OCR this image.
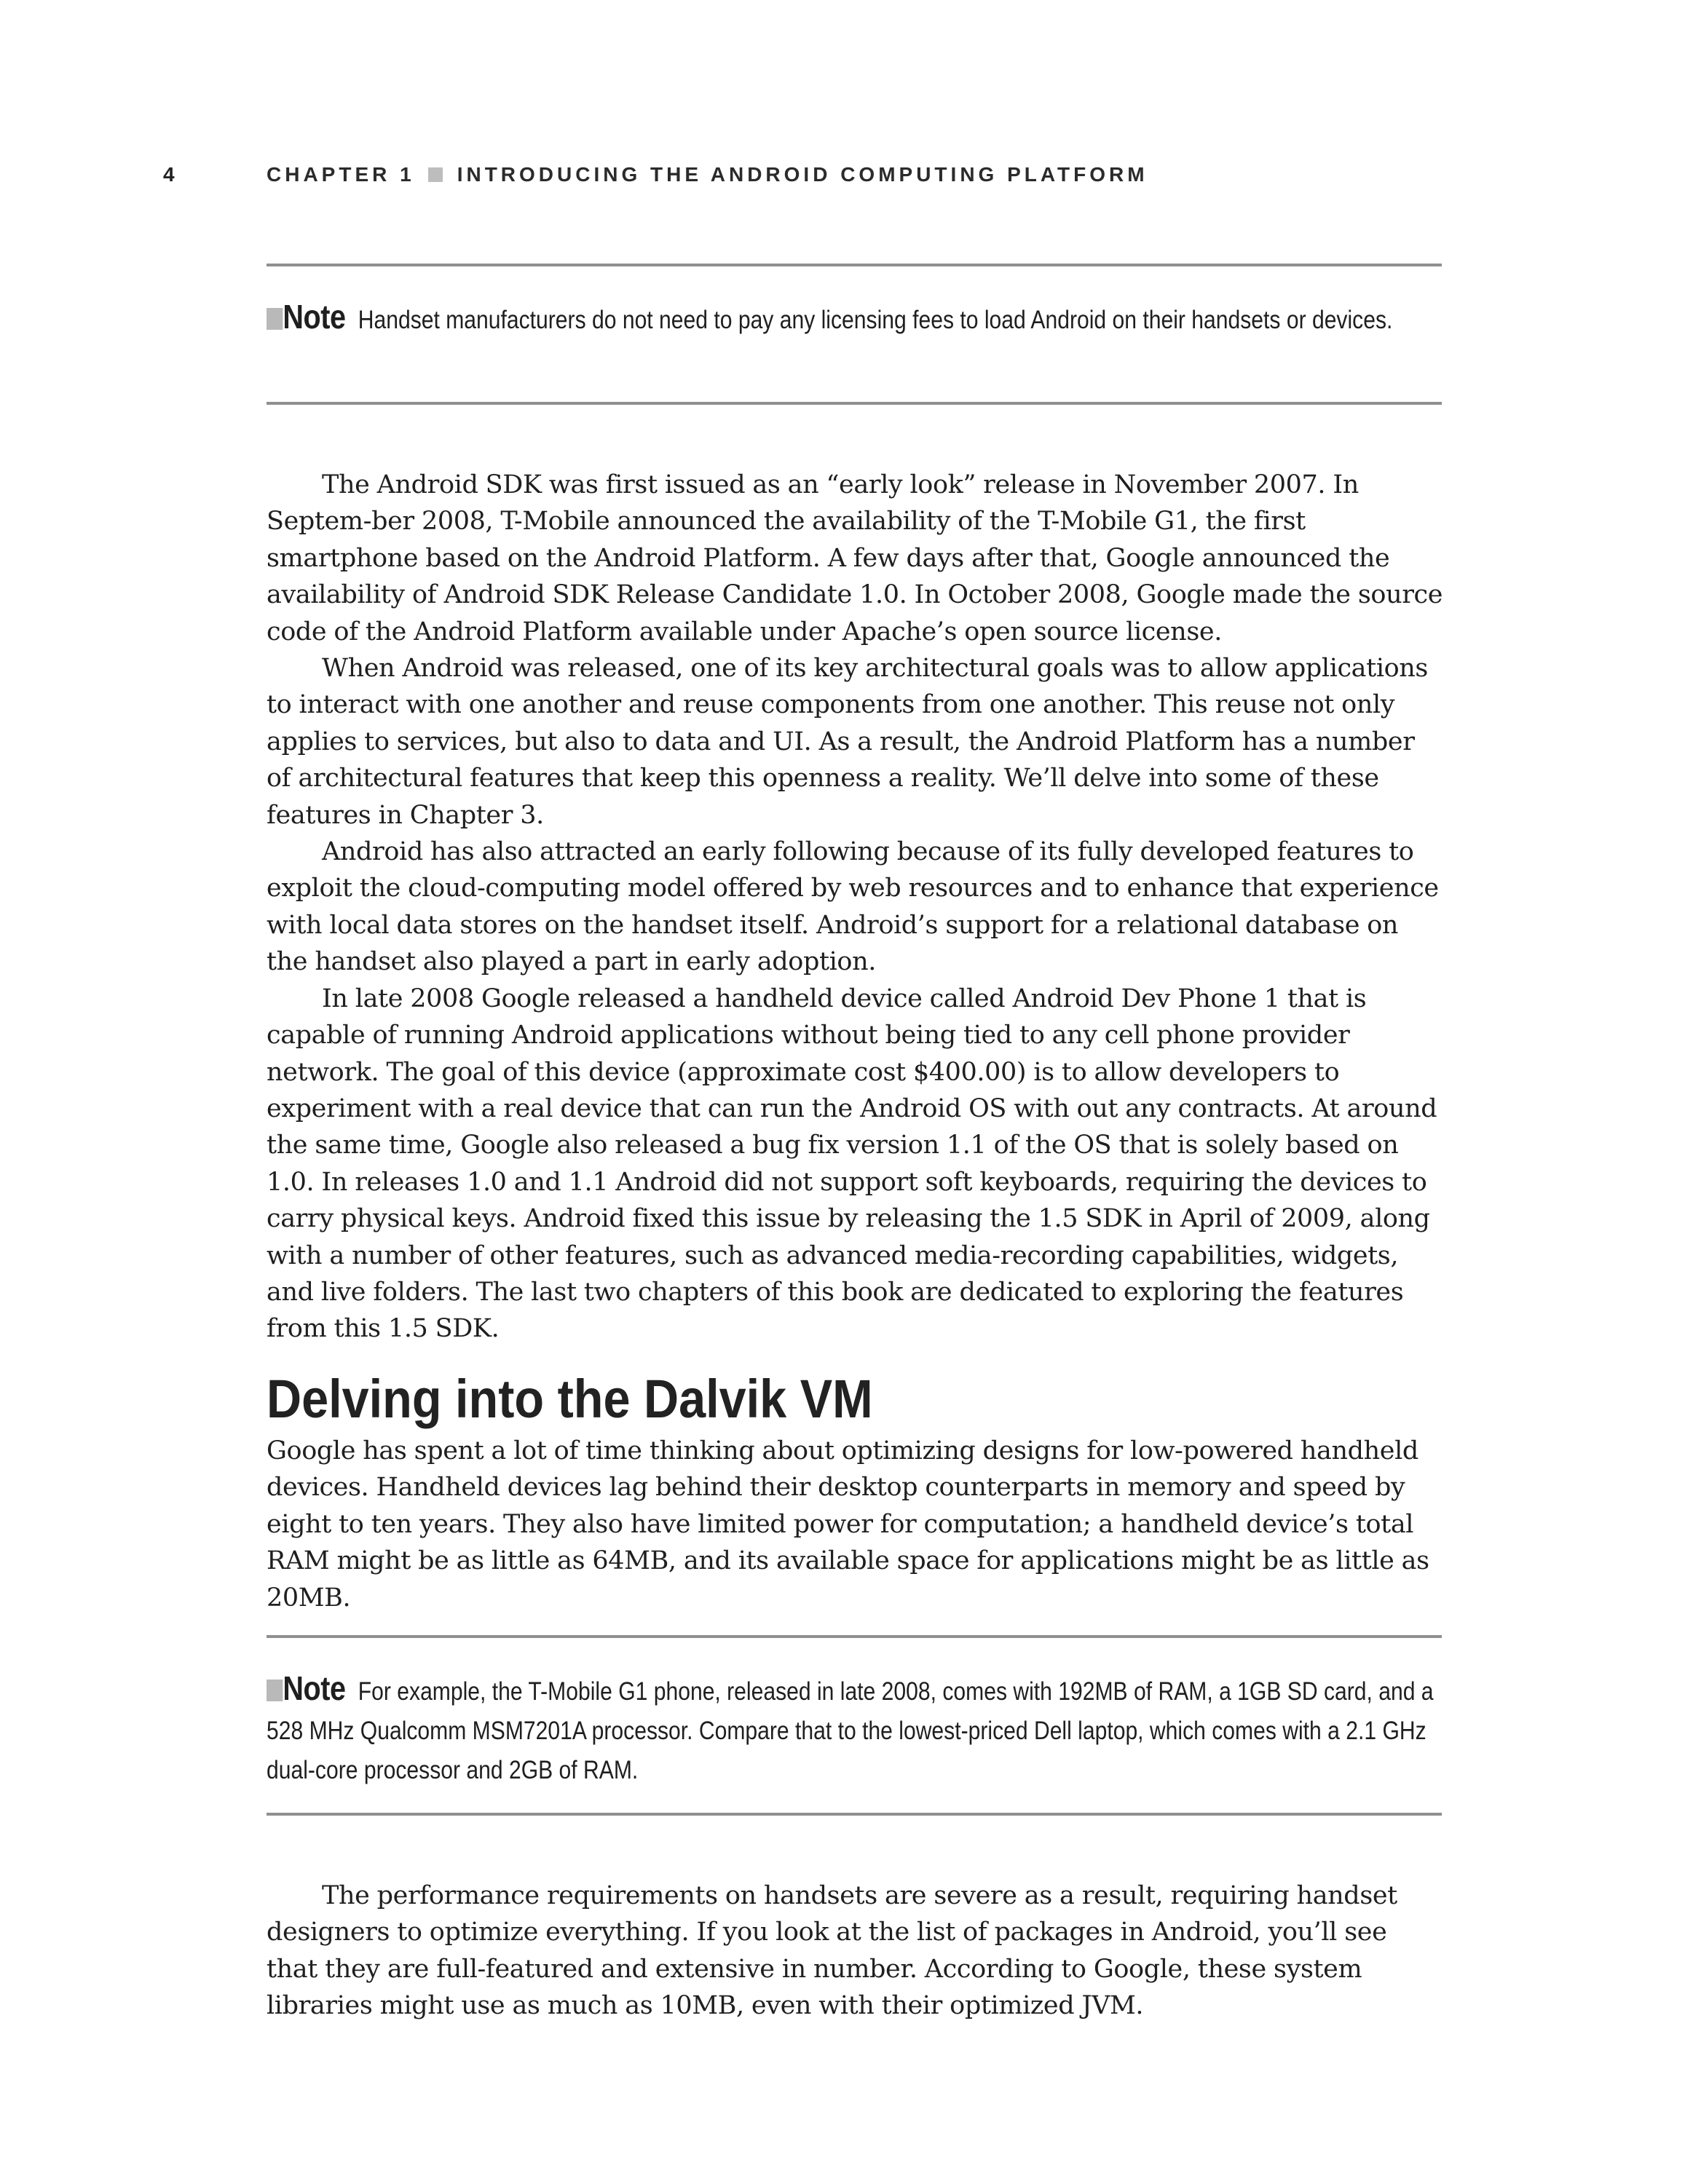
4	CHAPTER 1 INTRODUCING THE ANDROID COMPUTING PLATFORM
Note Handset manufacturers do not need to pay any licensing fees to load Android on their handsets or devices.

The Android SDK was first issued as an “early look” release in November 2007. In Septem-ber 2008, T-Mobile announced the availability of the T-Mobile G1, the first smartphone based on the Android Platform. A few days after that, Google announced the availability of Android SDK Release Candidate 1.0. In October 2008, Google made the source code of the Android Platform available under Apache’s open source license.

When Android was released, one of its key architectural goals was to allow applications to interact with one another and reuse components from one another. This reuse not only applies to services, but also to data and UI. As a result, the Android Platform has a number of architectural features that keep this openness a reality. We’ll delve into some of these features in Chapter 3.

Android has also attracted an early following because of its fully developed features to exploit the cloud-computing model offered by web resources and to enhance that experience with local data stores on the handset itself. Android’s support for a relational database on the handset also played a part in early adoption.

In late 2008 Google released a handheld device called Android Dev Phone 1 that is capable of running Android applications without being tied to any cell phone provider network. The goal of this device (approximate cost $400.00) is to allow developers to experiment with a real device that can run the Android OS with out any contracts. At around the same time, Google also released a bug fix version 1.1 of the OS that is solely based on 1.0. In releases 1.0 and 1.1 Android did not support soft keyboards, requiring the devices to carry physical keys. Android fixed this issue by releasing the 1.5 SDK in April of 2009, along with a number of other features, such as advanced media-recording capabilities, widgets, and live folders. The last two chapters of this book are dedicated to exploring the features from this 1.5 SDK.

Delving into the Dalvik VM

Google has spent a lot of time thinking about optimizing designs for low-powered handheld devices. Handheld devices lag behind their desktop counterparts in memory and speed by eight to ten years. They also have limited power for computation; a handheld device’s total RAM might be as little as 64MB, and its available space for applications might be as little as 20MB.

Note For example, the T-Mobile G1 phone, released in late 2008, comes with 192MB of RAM, a 1GB SD card, and a 528 MHz Qualcomm MSM7201A processor. Compare that to the lowest-priced Dell laptop, which comes with a 2.1 GHz dual-core processor and 2GB of RAM.

The performance requirements on handsets are severe as a result, requiring handset designers to optimize everything. If you look at the list of packages in Android, you’ll see that they are full-featured and extensive in number. According to Google, these system libraries might use as much as 10MB, even with their optimized JVM.
